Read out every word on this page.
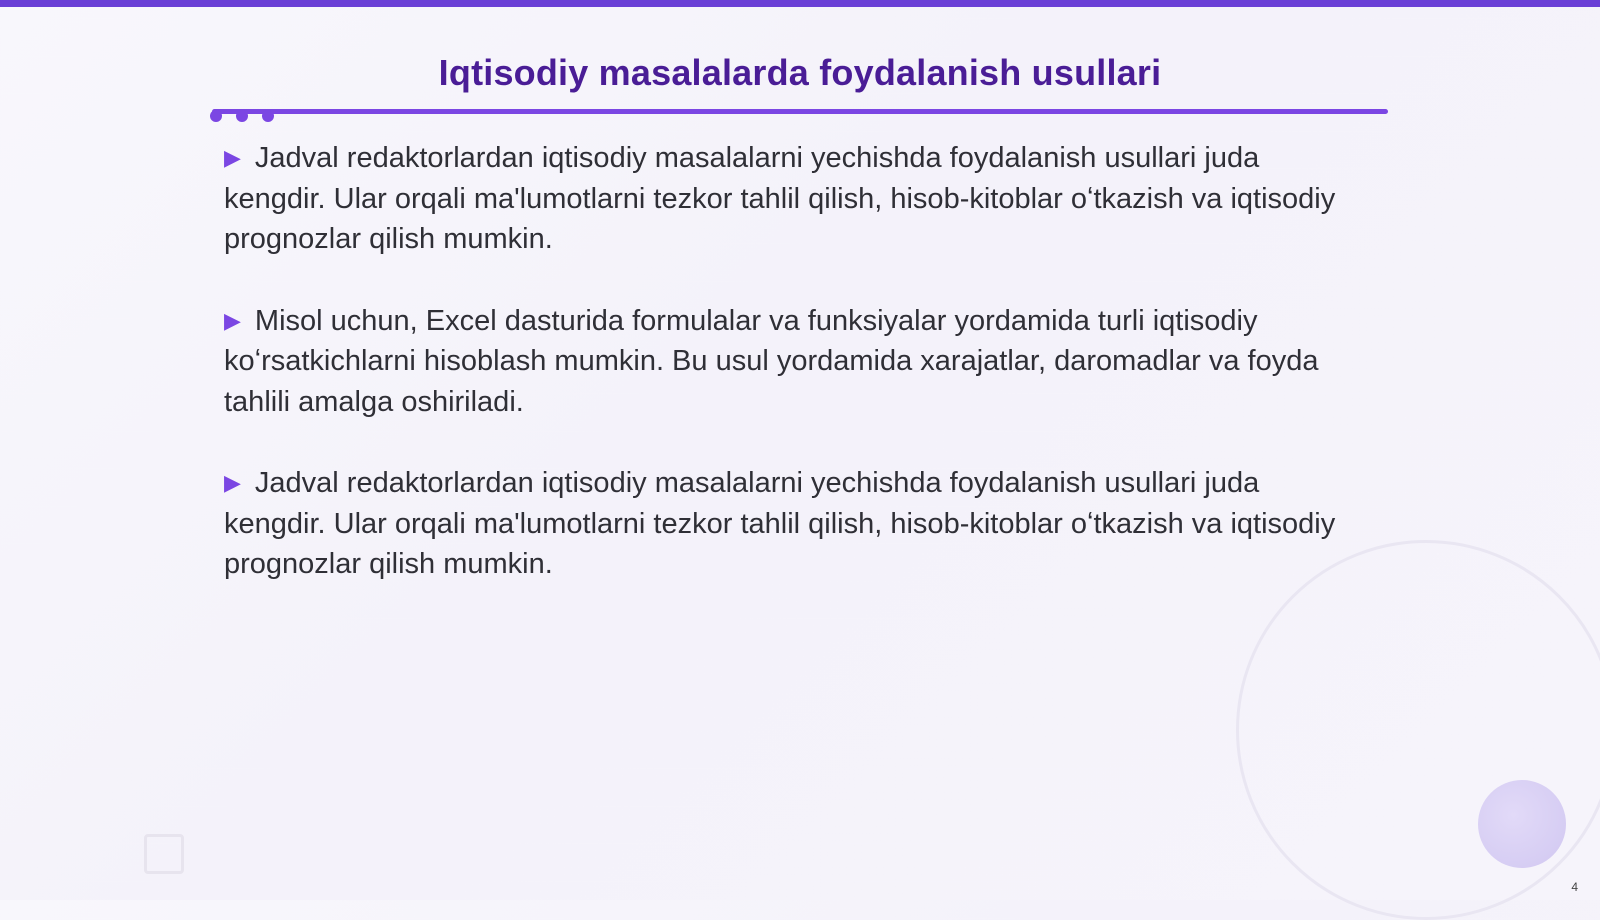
Iqtisodiy masalalarda foydalanish usullari

▶ Jadval redaktorlardan iqtisodiy masalalarni yechishda foydalanish usullari juda kengdir. Ular orqali ma'lumotlarni tezkor tahlil qilish, hisob-kitoblar oʻtkazish va iqtisodiy prognozlar qilish mumkin.

▶ Misol uchun, Excel dasturida formulalar va funksiyalar yordamida turli iqtisodiy koʻrsatkichlarni hisoblash mumkin. Bu usul yordamida xarajatlar, daromadlar va foyda tahlili amalga oshiriladi.

▶ Jadval redaktorlardan iqtisodiy masalalarni yechishda foydalanish usullari juda kengdir. Ular orqali ma'lumotlarni tezkor tahlil qilish, hisob-kitoblar oʻtkazish va iqtisodiy prognozlar qilish mumkin.

4
